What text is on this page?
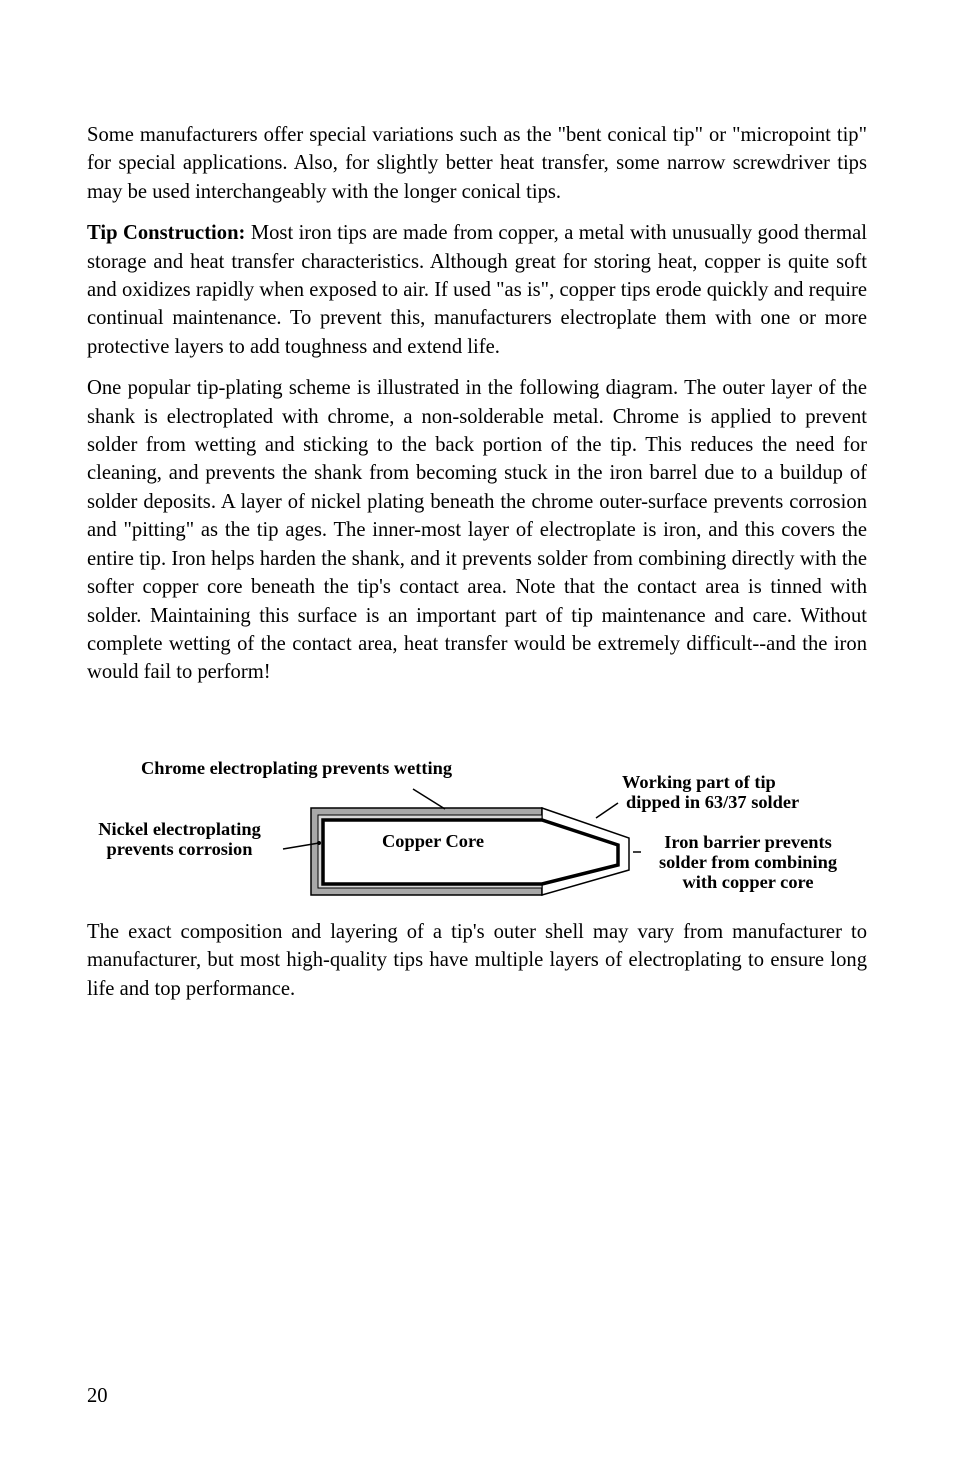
Some manufacturers offer special variations such as the "bent conical tip" or "micropoint tip" for special applications. Also, for slightly better heat transfer, some narrow screwdriver tips may be used interchangeably with the longer conical tips.

Tip Construction: Most iron tips are made from copper, a metal with unusually good thermal storage and heat transfer characteristics. Although great for storing heat, copper is quite soft and oxidizes rapidly when exposed to air. If used "as is", copper tips erode quickly and require continual maintenance. To prevent this, manufacturers electroplate them with one or more protective layers to add toughness and extend life.

One popular tip-plating scheme is illustrated in the following diagram. The outer layer of the shank is electroplated with chrome, a non-solderable metal. Chrome is applied to prevent solder from wetting and sticking to the back portion of the tip. This reduces the need for cleaning, and prevents the shank from becoming stuck in the iron barrel due to a buildup of solder deposits. A layer of nickel plating beneath the chrome outer-surface prevents corrosion and "pitting" as the tip ages. The inner-most layer of electroplate is iron, and this covers the entire tip. Iron helps harden the shank, and it prevents solder from combining directly with the softer copper core beneath the tip's contact area. Note that the contact area is tinned with solder. Maintaining this surface is an important part of tip maintenance and care. Without complete wetting of the contact area, heat transfer would be extremely difficult--and the iron would fail to perform!

Chrome electroplating prevents wetting
Nickel electroplating
prevents corrosion	Copper Core
Working part of tip
dipped in 63/37 solder
Iron barrier prevents
solder from combining
with copper core

The exact composition and layering of a tip's outer shell may vary from manufacturer to manufacturer, but most high-quality tips have multiple layers of electroplating to ensure long life and top performance.

20
